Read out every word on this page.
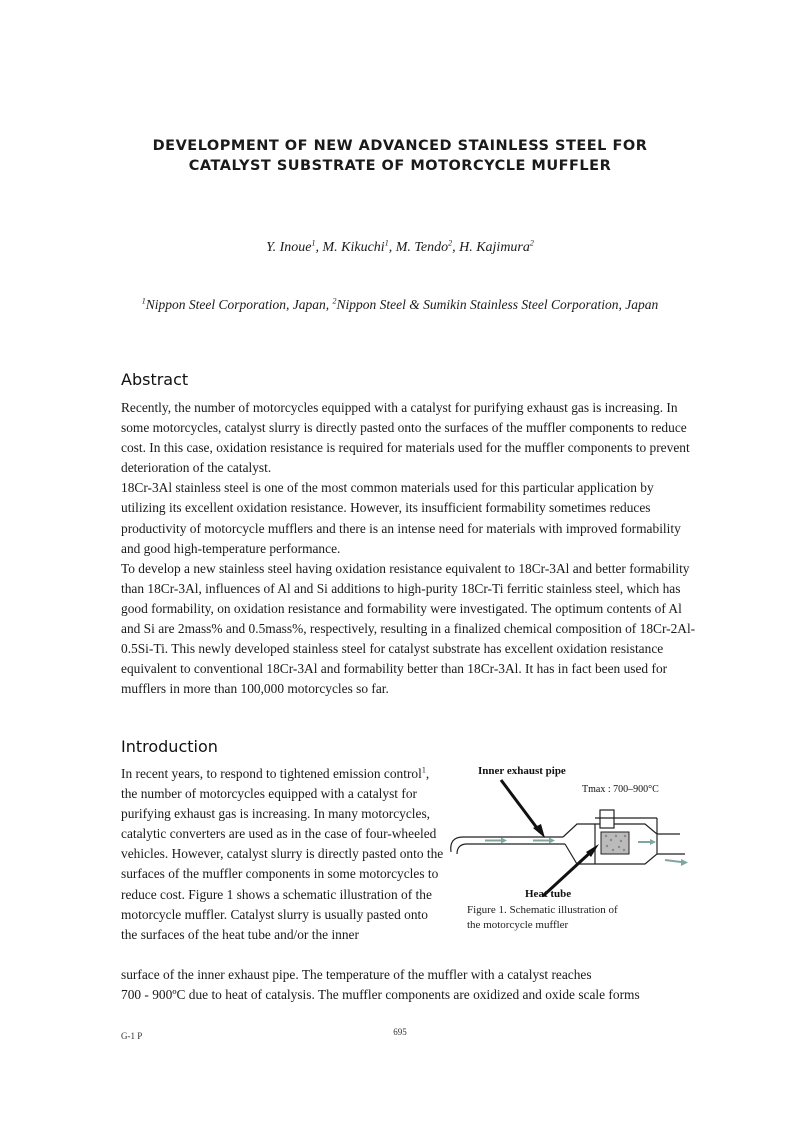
DEVELOPMENT OF NEW ADVANCED STAINLESS STEEL FOR
CATALYST SUBSTRATE OF MOTORCYCLE MUFFLER
Y. Inoue$^1$, M. Kikuchi$^1$, M. Tendo$^2$, H. Kajimura$^2$
$^1$Nippon Steel Corporation, Japan, $^2$Nippon Steel & Sumikin Stainless Steel Corporation, Japan
Abstract

Recently, the number of motorcycles equipped with a catalyst for purifying exhaust gas is increasing. In some motorcycles, catalyst slurry is directly pasted onto the surfaces of the muffler components to reduce cost. In this case, oxidation resistance is required for materials used for the muffler components to prevent deterioration of the catalyst.

18Cr-3Al stainless steel is one of the most common materials used for this particular application by utilizing its excellent oxidation resistance. However, its insufficient formability sometimes reduces productivity of motorcycle mufflers and there is an intense need for materials with improved formability and good high-temperature performance.

To develop a new stainless steel having oxidation resistance equivalent to 18Cr-3Al and better formability than 18Cr-3Al, influences of Al and Si additions to high-purity 18Cr-Ti ferritic stainless steel, which has good formability, on oxidation resistance and formability were investigated. The optimum contents of Al and Si are 2mass% and 0.5mass%, respectively, resulting in a finalized chemical composition of 18Cr-2Al-0.5Si-Ti. This newly developed stainless steel for catalyst substrate has excellent oxidation resistance equivalent to conventional 18Cr-3Al and formability better than 18Cr-3Al. It has in fact been used for mufflers in more than 100,000 motorcycles so far.

Introduction
In recent years, to respond to tightened emission control$^1$, the number of motorcycles equipped with a catalyst for purifying exhaust gas is increasing. In many motorcycles, catalytic converters are used as in the case of four-wheeled vehicles. However, catalyst slurry is directly pasted onto the surfaces of the muffler components in some motorcycles to reduce cost. Figure 1 shows a schematic illustration of the motorcycle muffler. Catalyst slurry is usually pasted onto the surfaces of the heat tube and/or the inner
Inner exhaust pipe
Tmax : 700–900°C
Heat tube
Figure 1. Schematic illustration of
the motorcycle muffler
surface of the inner exhaust pipe. The temperature of the muffler with a catalyst reaches
700 - 900ºC due to heat of catalysis. The muffler components are oxidized and oxide scale forms
G-1 P	695
